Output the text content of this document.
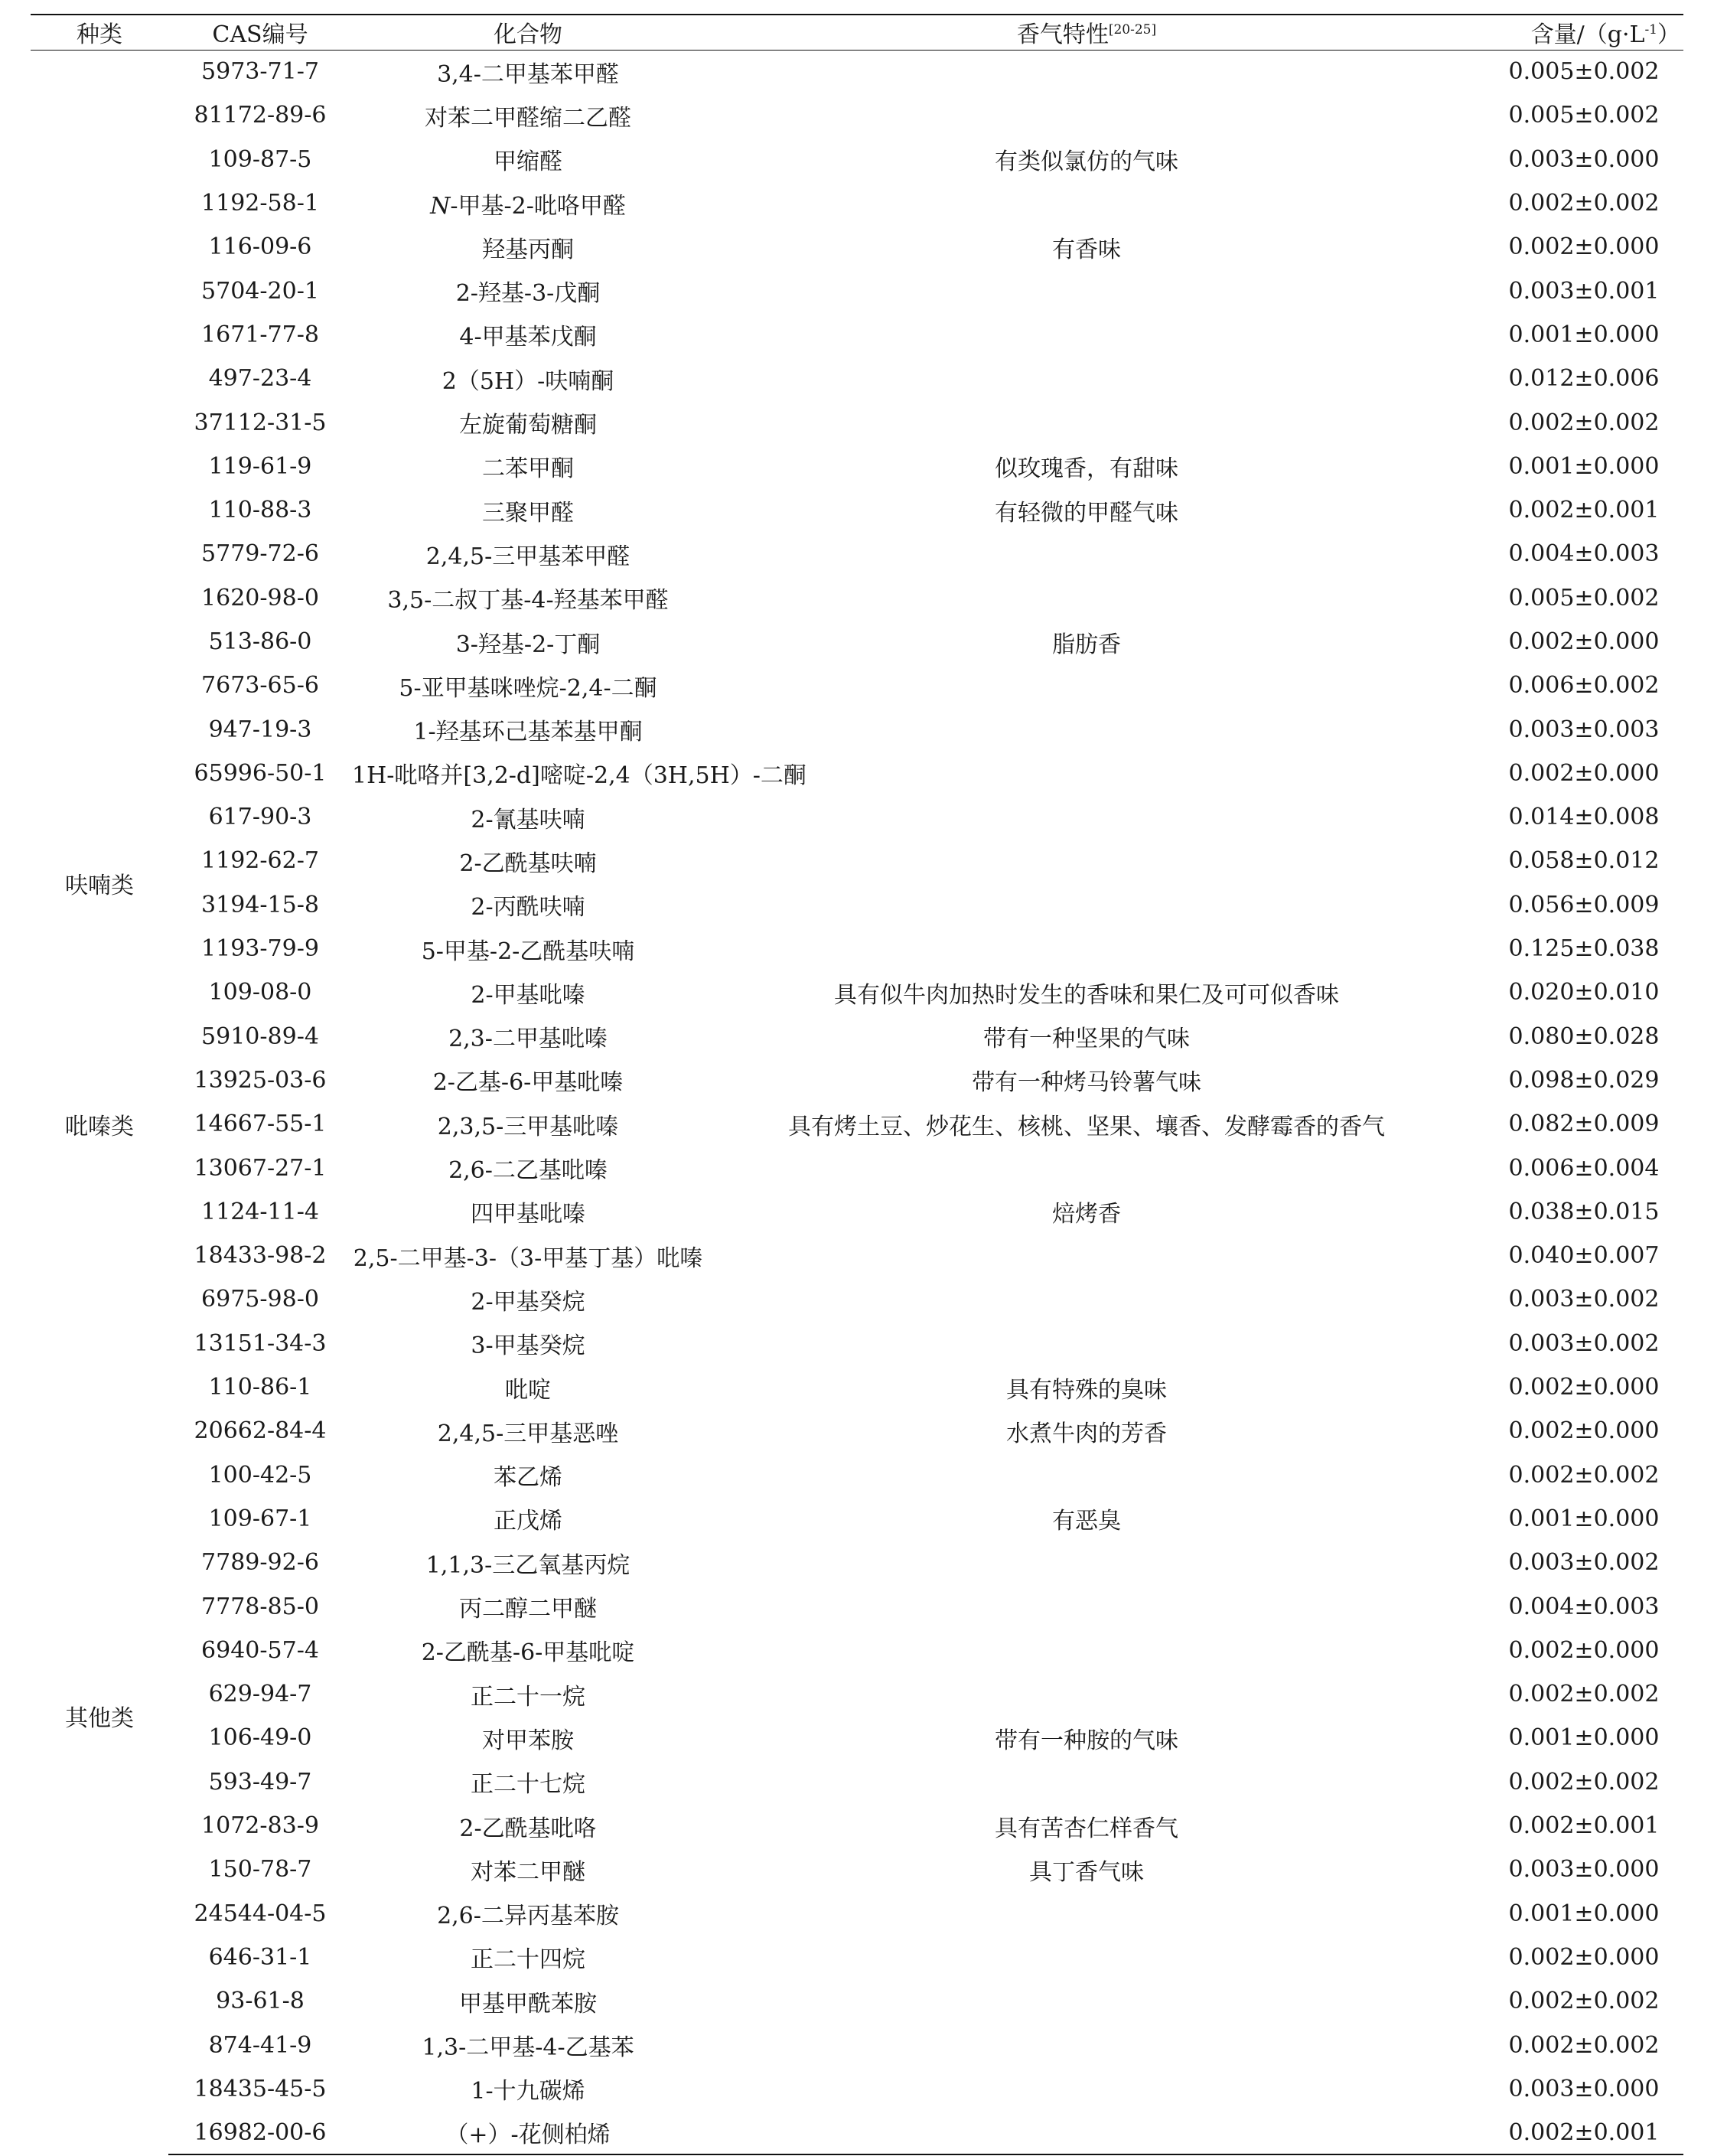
种类	CAS编号	化合物	香气特性[20-25]	含量$/(g\cdot L^{-1})$
	5973-71-7	3,4-二甲基苯甲醛		0.005±0.002
	81172-89-6	对苯二甲醛缩二乙醛		0.005±0.002
	109-87-5	甲缩醛	有类似氯仿的气味	0.003±0.000
	1192-58-1	N-甲基-2-吡咯甲醛		0.002±0.002
	116-09-6	羟基丙酮	有香味	0.002±0.000
	5704-20-1	2-羟基-3-戊酮		0.003±0.001
	1671-77-8	4-甲基苯戊酮		0.001±0.000
	497-23-4	2（5H）-呋喃酮		0.012±0.006
	37112-31-5	左旋葡萄糖酮		0.002±0.002
	119-61-9	二苯甲酮	似玫瑰香，有甜味	0.001±0.000
	110-88-3	三聚甲醛	有轻微的甲醛气味	0.002±0.001
	5779-72-6	2,4,5-三甲基苯甲醛		0.004±0.003
	1620-98-0	3,5-二叔丁基-4-羟基苯甲醛		0.005±0.002
	513-86-0	3-羟基-2-丁酮	脂肪香	0.002±0.000
	7673-65-6	5-亚甲基咪唑烷-2,4-二酮		0.006±0.002
	947-19-3	1-羟基环己基苯基甲酮		0.003±0.003
	65996-50-1	1H-吡咯并[3,2-d]嘧啶-2,4（3H,5H）-二酮		0.002±0.000
呋喃类	617-90-3	2-氰基呋喃		0.014±0.008
	1192-62-7	2-乙酰基呋喃		0.058±0.012
	3194-15-8	2-丙酰呋喃		0.056±0.009
	1193-79-9	5-甲基-2-乙酰基呋喃		0.125±0.038
吡嗪类	109-08-0	2-甲基吡嗪	具有似牛肉加热时发生的香味和果仁及可可似香味	0.020±0.010
	5910-89-4	2,3-二甲基吡嗪	带有一种坚果的气味	0.080±0.028
	13925-03-6	2-乙基-6-甲基吡嗪	带有一种烤马铃薯气味	0.098±0.029
	14667-55-1	2,3,5-三甲基吡嗪	具有烤土豆、炒花生、核桃、坚果、壤香、发酵霉香的香气	0.082±0.009
	13067-27-1	2,6-二乙基吡嗪		0.006±0.004
	1124-11-4	四甲基吡嗪	焙烤香	0.038±0.015
	18433-98-2	2,5-二甲基-3-（3-甲基丁基）吡嗪		0.040±0.007
其他类	6975-98-0	2-甲基癸烷		0.003±0.002
	13151-34-3	3-甲基癸烷		0.003±0.002
	110-86-1	吡啶	具有特殊的臭味	0.002±0.000
	20662-84-4	2,4,5-三甲基恶唑	水煮牛肉的芳香	0.002±0.000
	100-42-5	苯乙烯		0.002±0.002
	109-67-1	正戊烯	有恶臭	0.001±0.000
	7789-92-6	1,1,3-三乙氧基丙烷		0.003±0.002
	7778-85-0	丙二醇二甲醚		0.004±0.003
	6940-57-4	2-乙酰基-6-甲基吡啶		0.002±0.000
	629-94-7	正二十一烷		0.002±0.002
	106-49-0	对甲苯胺	带有一种胺的气味	0.001±0.000
	593-49-7	正二十七烷		0.002±0.002
	1072-83-9	2-乙酰基吡咯	具有苦杏仁样香气	0.002±0.001
	150-78-7	对苯二甲醚	具丁香气味	0.003±0.000
	24544-04-5	2,6-二异丙基苯胺		0.001±0.000
	646-31-1	正二十四烷		0.002±0.000
	93-61-8	甲基甲酰苯胺		0.002±0.002
	874-41-9	1,3-二甲基-4-乙基苯		0.002±0.002
	18435-45-5	1-十九碳烯		0.003±0.000
	16982-00-6	（+）-花侧柏烯		0.002±0.001
